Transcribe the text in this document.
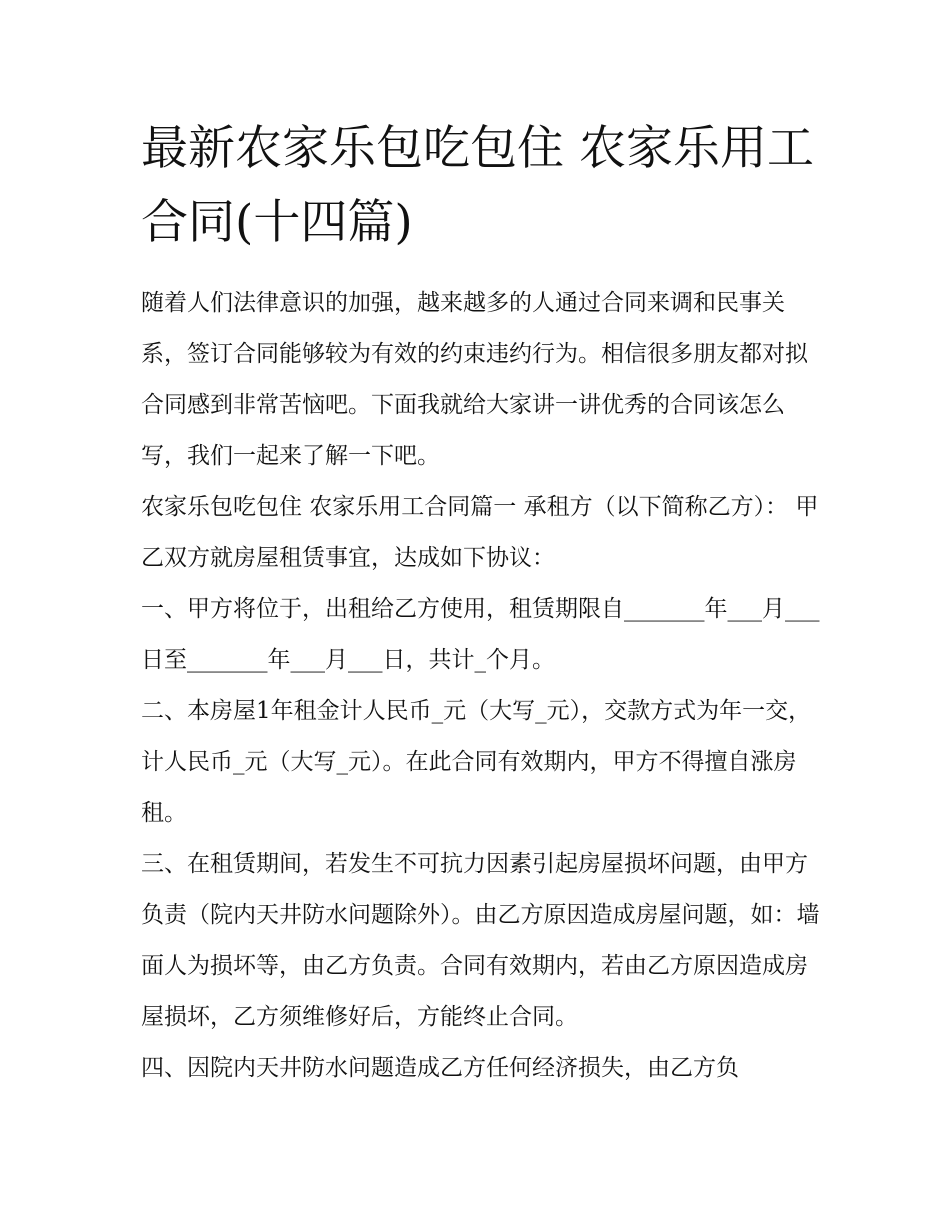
最新农家乐包吃包住 农家乐用工合同(十四篇)

随着人们法律意识的加强，越来越多的人通过合同来调和民事关系，签订合同能够较为有效的约束违约行为。相信很多朋友都对拟合同感到非常苦恼吧。下面我就给大家讲一讲优秀的合同该怎么写，我们一起来了解一下吧。

农家乐包吃包住 农家乐用工合同篇一 承租方（以下简称乙方）： 甲乙双方就房屋租赁事宜，达成如下协议：

一、甲方将位于，出租给乙方使用，租赁期限自_______年___月___日至_______年___月___日，共计_个月。

二、本房屋1年租金计人民币_元（大写_元），交款方式为年一交，计人民币_元（大写_元）。在此合同有效期内，甲方不得擅自涨房租。

三、在租赁期间，若发生不可抗力因素引起房屋损坏问题，由甲方负责（院内天井防水问题除外）。由乙方原因造成房屋问题，如：墙面人为损坏等，由乙方负责。合同有效期内，若由乙方原因造成房屋损坏，乙方须维修好后，方能终止合同。

四、因院内天井防水问题造成乙方任何经济损失，由乙方负
